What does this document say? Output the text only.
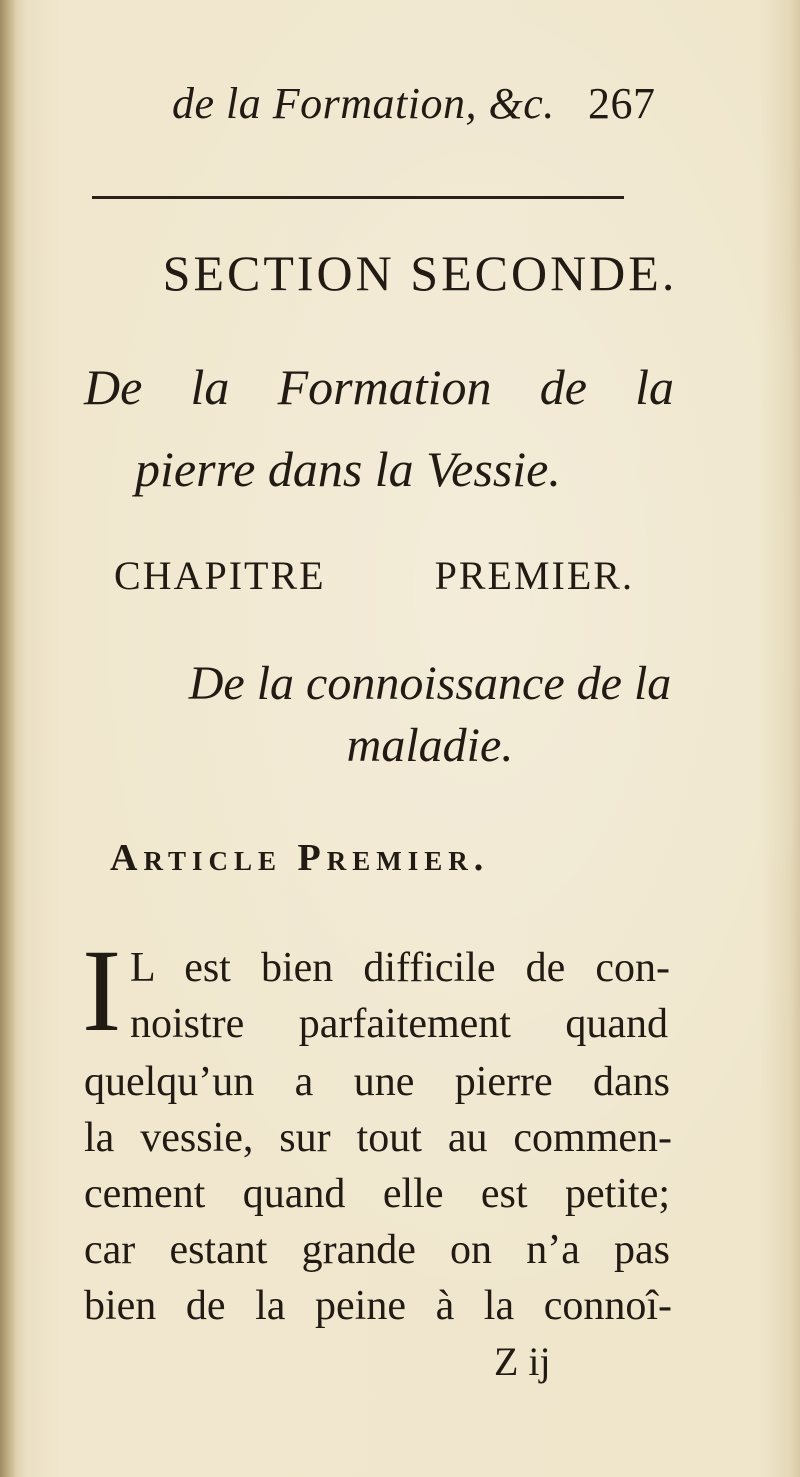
de la Formation, &c. 267
SECTION SECONDE.
De la Formation de la
pierre dans la Vessie.
CHAPITRE PREMIER.
De la connoissance de la
maladie.
Article Premier.
I L est bien difficile de con-
noistre parfaitement quand
quelqu’un a une pierre dans
la vessie, sur tout au commen-
cement quand elle est petite;
car estant grande on n’a pas
bien de la peine à la connoî-
Z ij
